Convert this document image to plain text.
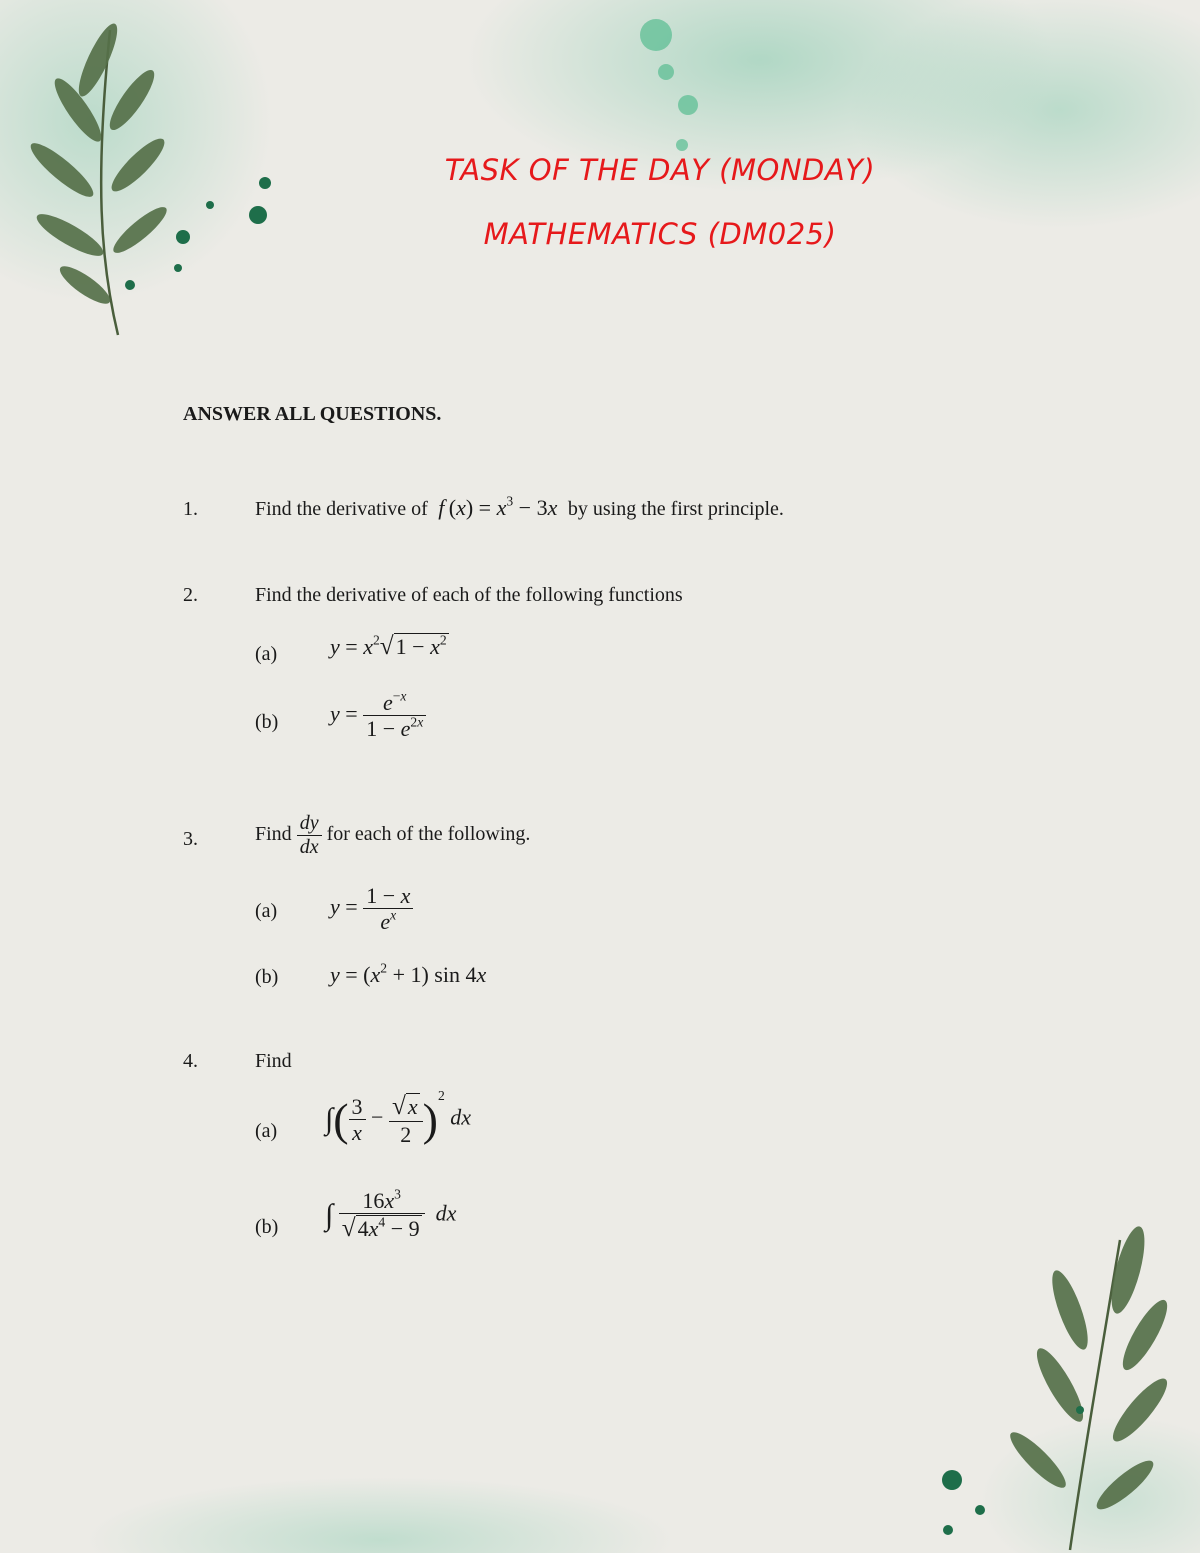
TASK OF THE DAY (MONDAY)
MATHEMATICS (DM025)
ANSWER ALL QUESTIONS.
1.	Find the derivative of f $(x) = x^3 - 3x$ by using the first principle.
2.	Find the derivative of each of the following functions
(a) $y = x^2√1 - x^2$
(b) $y = \frac{e^{-x}}{1 - e^{2x}}$
3.	Find $\frac{dy}{dx}$ for each of the following.
(a) $y = \frac{1 - x}{e^x}$
(b) $y = (x^2 + 1)$ sin 4x
4.	Find
(a) ∫( $\frac{3}{x} - \frac{√x}{2} )^2$ dx
(b) ∫ $\frac{16x^3}{√4x^4 - 9}$ dx
